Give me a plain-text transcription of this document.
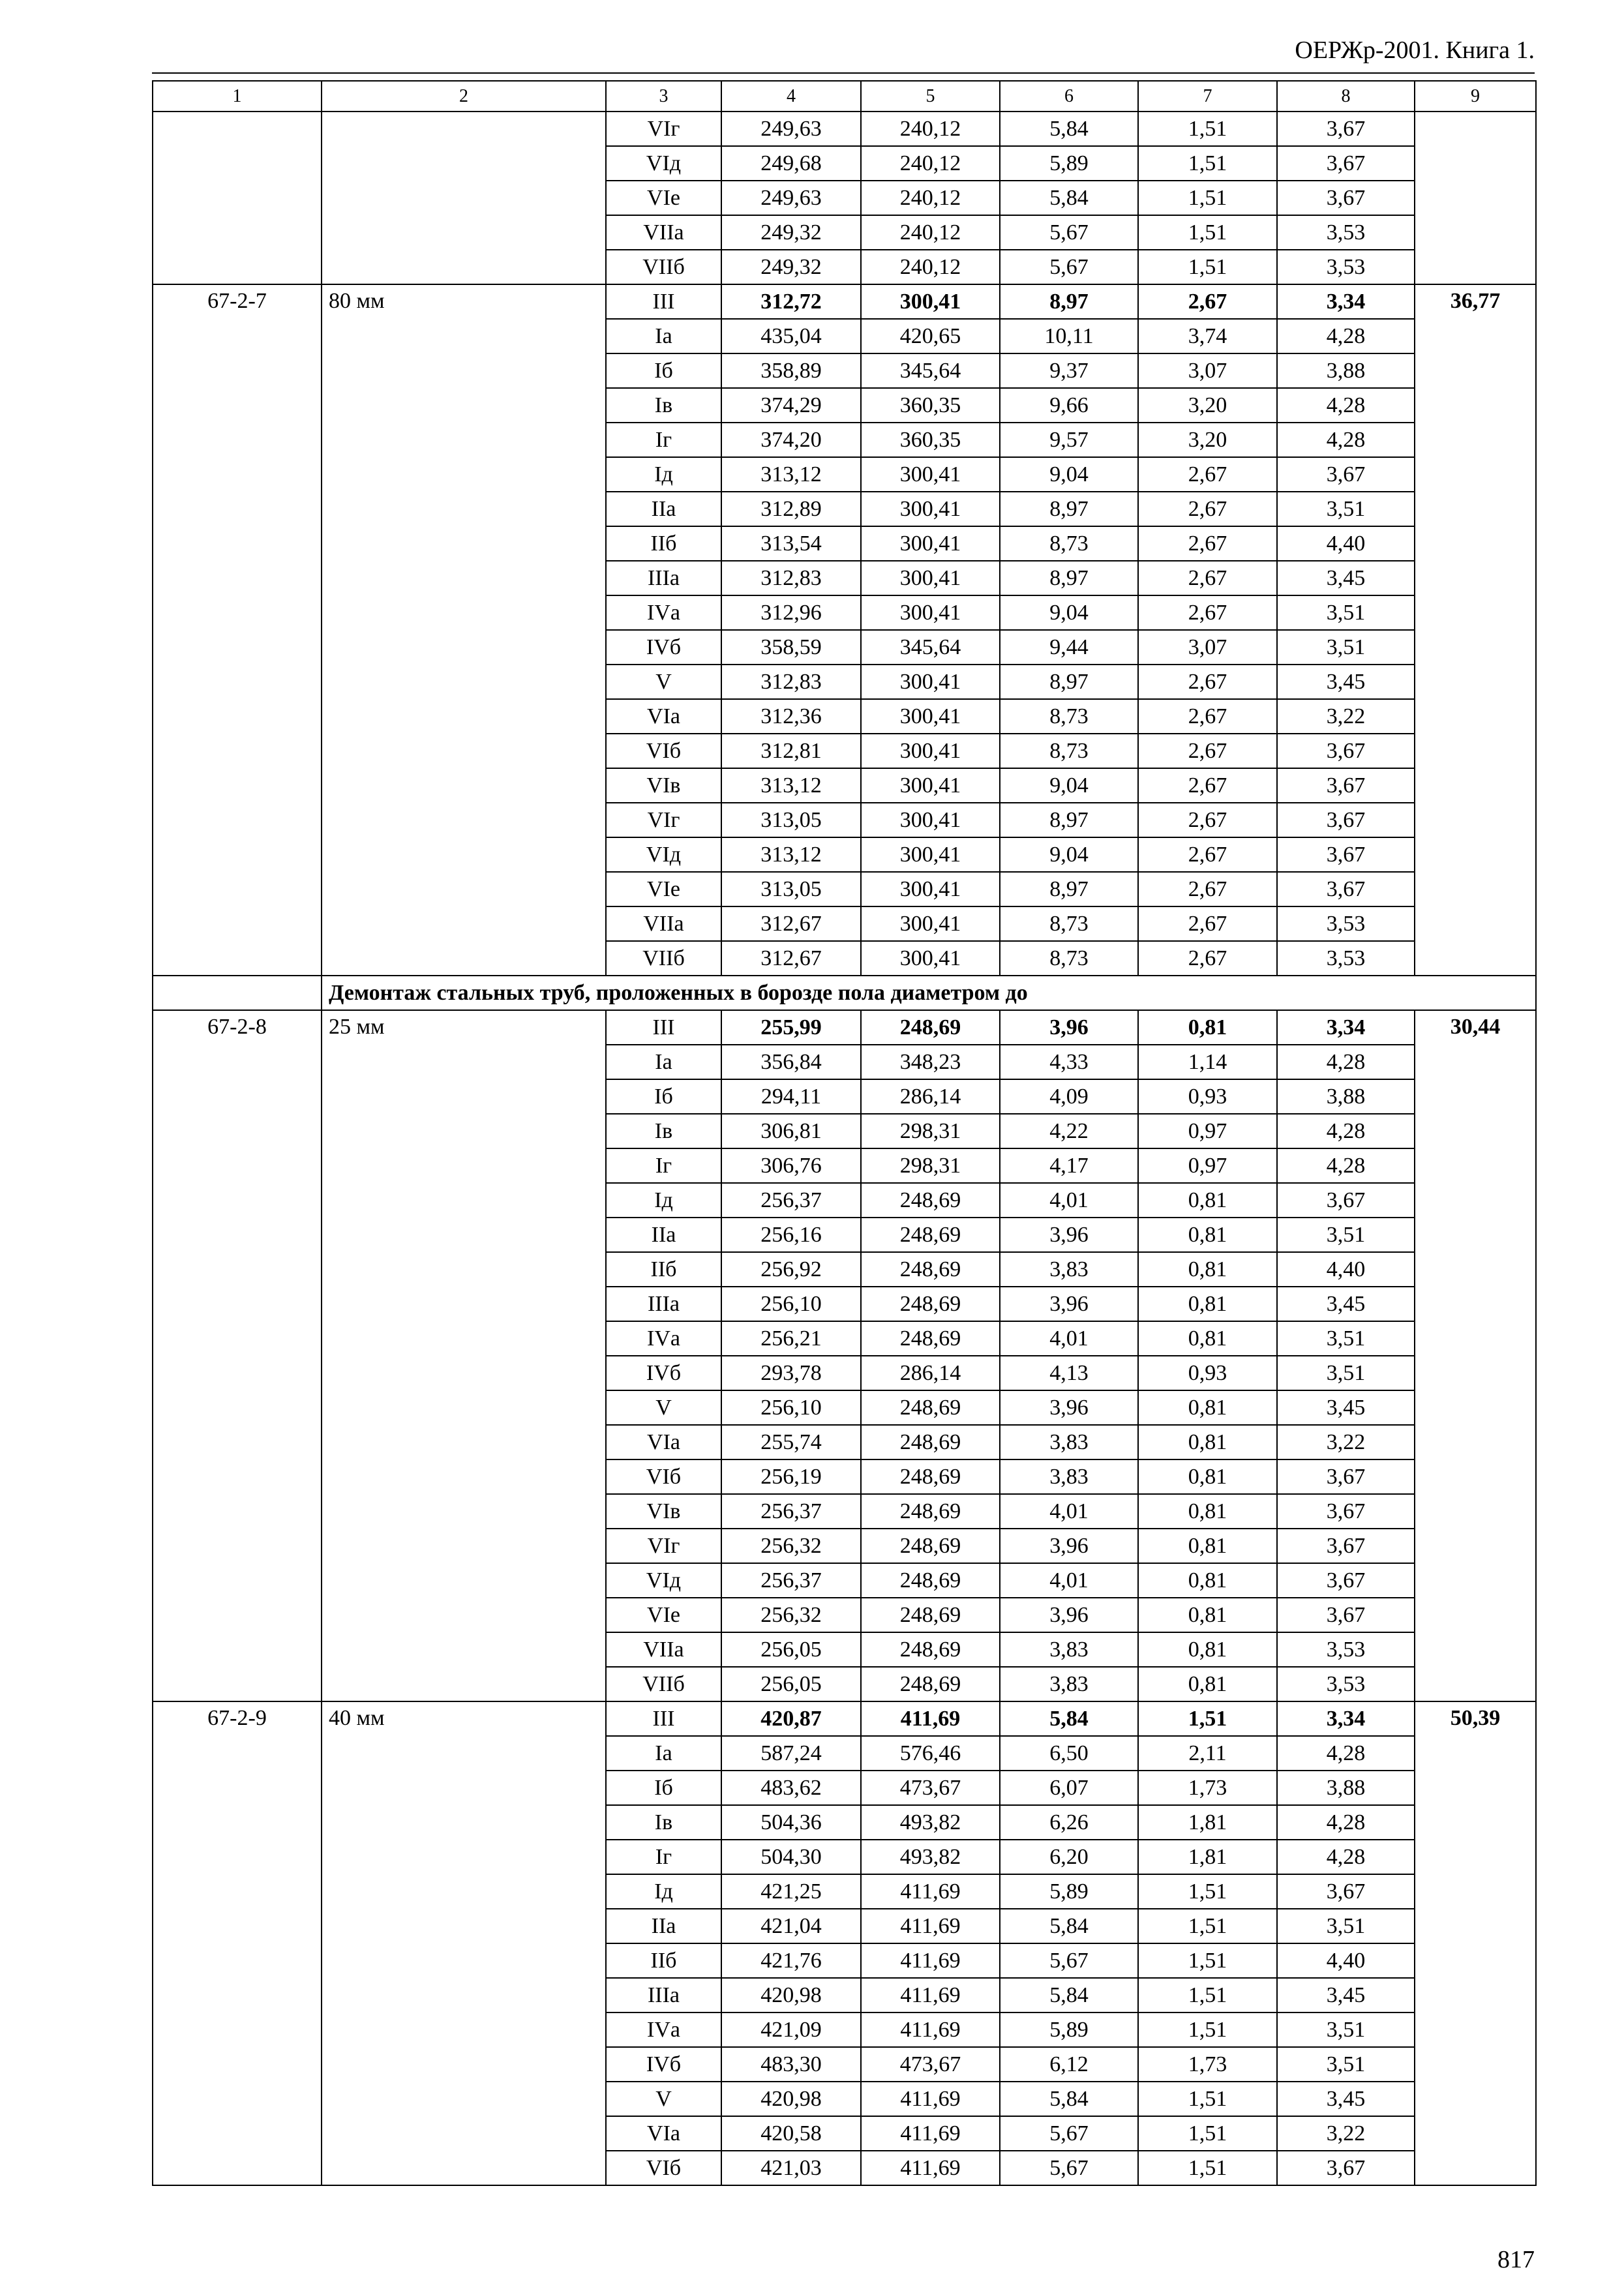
ОЕРЖр-2001. Книга 1.
1	2	3	4	5	6	7	8	9
		VIг	249,63	240,12	5,84	1,51	3,67	
		VIд	249,68	240,12	5,89	1,51	3,67	
		VIе	249,63	240,12	5,84	1,51	3,67	
		VIIа	249,32	240,12	5,67	1,51	3,53	
		VIIб	249,32	240,12	5,67	1,51	3,53	
67-2-7	80 мм	III	312,72	300,41	8,97	2,67	3,34	36,77
		Iа	435,04	420,65	10,11	3,74	4,28	
		Iб	358,89	345,64	9,37	3,07	3,88	
		Iв	374,29	360,35	9,66	3,20	4,28	
		Iг	374,20	360,35	9,57	3,20	4,28	
		Iд	313,12	300,41	9,04	2,67	3,67	
		IIа	312,89	300,41	8,97	2,67	3,51	
		IIб	313,54	300,41	8,73	2,67	4,40	
		IIIа	312,83	300,41	8,97	2,67	3,45	
		IVа	312,96	300,41	9,04	2,67	3,51	
		IVб	358,59	345,64	9,44	3,07	3,51	
		V	312,83	300,41	8,97	2,67	3,45	
		VIа	312,36	300,41	8,73	2,67	3,22	
		VIб	312,81	300,41	8,73	2,67	3,67	
		VIв	313,12	300,41	9,04	2,67	3,67	
		VIг	313,05	300,41	8,97	2,67	3,67	
		VIд	313,12	300,41	9,04	2,67	3,67	
		VIе	313,05	300,41	8,97	2,67	3,67	
		VIIа	312,67	300,41	8,73	2,67	3,53	
		VIIб	312,67	300,41	8,73	2,67	3,53	
	Демонтаж стальных труб, проложенных в борозде пола диаметром до							
67-2-8	25 мм	III	255,99	248,69	3,96	0,81	3,34	30,44
		Iа	356,84	348,23	4,33	1,14	4,28	
		Iб	294,11	286,14	4,09	0,93	3,88	
		Iв	306,81	298,31	4,22	0,97	4,28	
		Iг	306,76	298,31	4,17	0,97	4,28	
		Iд	256,37	248,69	4,01	0,81	3,67	
		IIа	256,16	248,69	3,96	0,81	3,51	
		IIб	256,92	248,69	3,83	0,81	4,40	
		IIIа	256,10	248,69	3,96	0,81	3,45	
		IVа	256,21	248,69	4,01	0,81	3,51	
		IVб	293,78	286,14	4,13	0,93	3,51	
		V	256,10	248,69	3,96	0,81	3,45	
		VIа	255,74	248,69	3,83	0,81	3,22	
		VIб	256,19	248,69	3,83	0,81	3,67	
		VIв	256,37	248,69	4,01	0,81	3,67	
		VIг	256,32	248,69	3,96	0,81	3,67	
		VIд	256,37	248,69	4,01	0,81	3,67	
		VIе	256,32	248,69	3,96	0,81	3,67	
		VIIа	256,05	248,69	3,83	0,81	3,53	
		VIIб	256,05	248,69	3,83	0,81	3,53	
67-2-9	40 мм	III	420,87	411,69	5,84	1,51	3,34	50,39
		Iа	587,24	576,46	6,50	2,11	4,28	
		Iб	483,62	473,67	6,07	1,73	3,88	
		Iв	504,36	493,82	6,26	1,81	4,28	
		Iг	504,30	493,82	6,20	1,81	4,28	
		Iд	421,25	411,69	5,89	1,51	3,67	
		IIа	421,04	411,69	5,84	1,51	3,51	
		IIб	421,76	411,69	5,67	1,51	4,40	
		IIIа	420,98	411,69	5,84	1,51	3,45	
		IVа	421,09	411,69	5,89	1,51	3,51	
		IVб	483,30	473,67	6,12	1,73	3,51	
		V	420,98	411,69	5,84	1,51	3,45	
		VIа	420,58	411,69	5,67	1,51	3,22	
		VIб	421,03	411,69	5,67	1,51	3,67	
817
